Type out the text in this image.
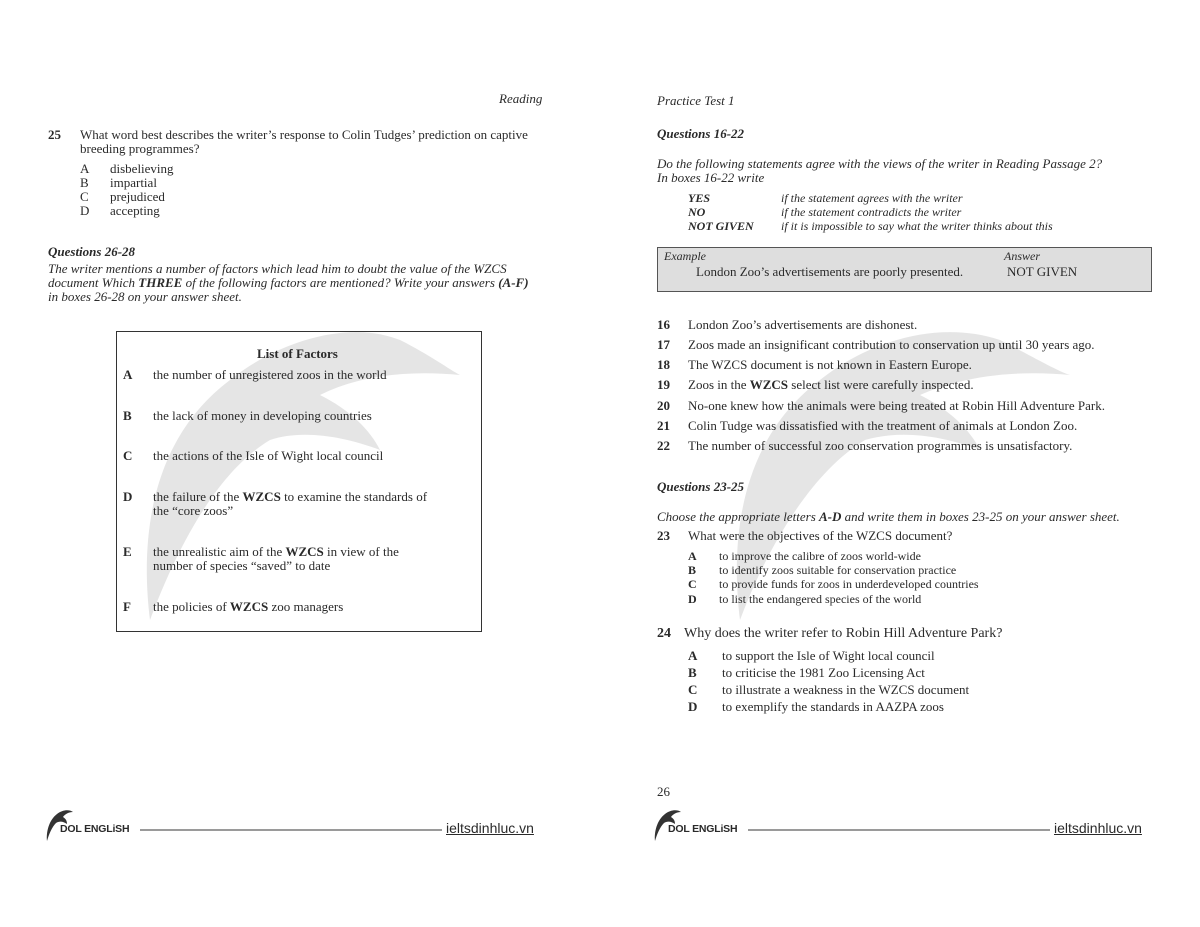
Reading
25 What word best describes the writer’s response to Colin Tudges’ prediction on captive
breeding programmes?
A disbelieving
B impartial
C prejudiced
D accepting
Questions 26-28
The writer mentions a number of factors which lead him to doubt the value of the WZCS
document Which THREE of the following factors are mentioned? Write your answers (A-F)
in boxes 26-28 on your answer sheet.
List of Factors
A the number of unregistered zoos in the world
B the lack of money in developing countries
C the actions of the Isle of Wight local council
D the failure of the WZCS to examine the standards of
the “core zoos”
E the unrealistic aim of the WZCS in view of the
number of species “saved” to date
F the policies of WZCS zoo managers
DOL ENGLiSH	ieltsdinhluc.vn
Practice Test 1
Questions 16-22
Do the following statements agree with the views of the writer in Reading Passage 2?
In boxes 16-22 write
YES	if the statement agrees with the writer
NO	if the statement contradicts the writer
NOT GIVEN if it is impossible to say what the writer thinks about this
Example	Answer
London Zoo’s advertisements are poorly presented.	NOT GIVEN
16 London Zoo’s advertisements are dishonest.
17 Zoos made an insignificant contribution to conservation up until 30 years ago.
18 The WZCS document is not known in Eastern Europe.
19 Zoos in the WZCS select list were carefully inspected.
20 No-one knew how the animals were being treated at Robin Hill Adventure Park.
21 Colin Tudge was dissatisfied with the treatment of animals at London Zoo.
22 The number of successful zoo conservation programmes is unsatisfactory.
Questions 23-25
Choose the appropriate letters A-D and write them in boxes 23-25 on your answer sheet.
23 What were the objectives of the WZCS document?
A to improve the calibre of zoos world-wide
B to identify zoos suitable for conservation practice
C to provide funds for zoos in underdeveloped countries
D to list the endangered species of the world
24 Why does the writer refer to Robin Hill Adventure Park?
A to support the Isle of Wight local council
B to criticise the 1981 Zoo Licensing Act
C to illustrate a weakness in the WZCS document
D to exemplify the standards in AAZPA zoos
26
DOL ENGLiSH	ieltsdinhluc.vn
